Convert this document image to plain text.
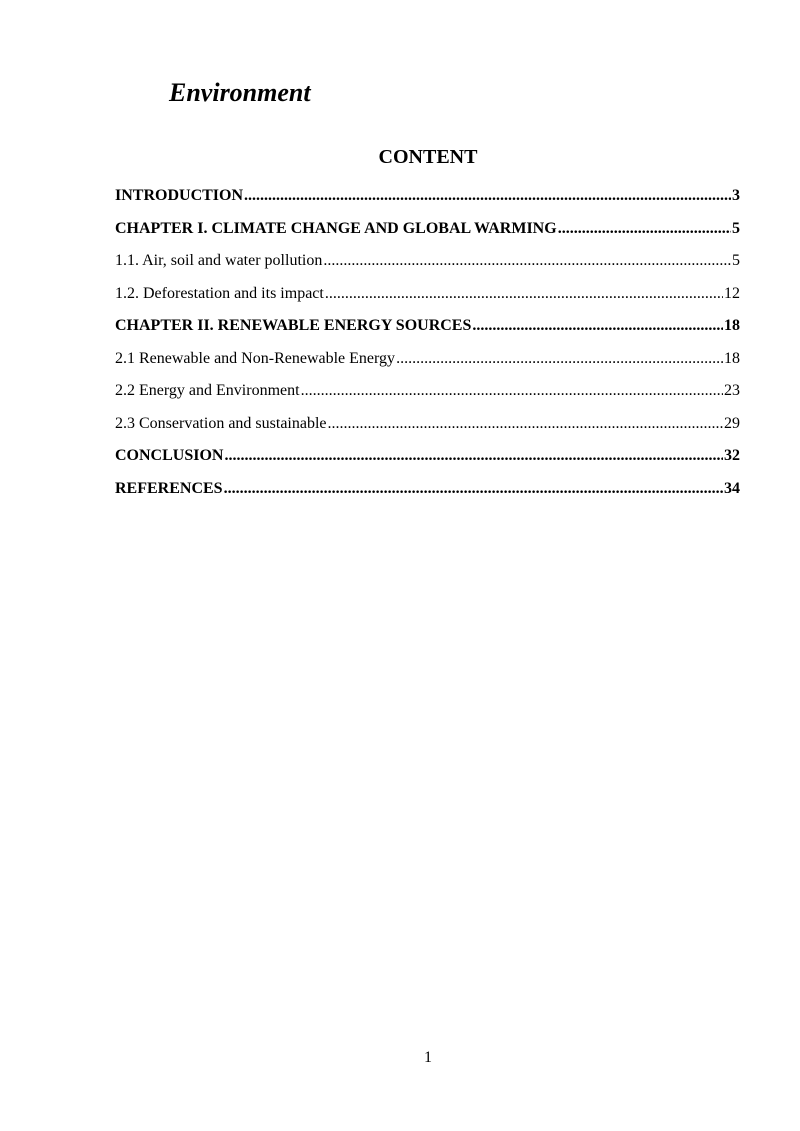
Environment
CONTENT
INTRODUCTION .....	3
CHAPTER I. CLIMATE CHANGE AND GLOBAL WARMING .....	5
1.1. Air, soil and water pollution .....	5
1.2. Deforestation and its impact .....	12
CHAPTER II. RENEWABLE ENERGY SOURCES .....	18
2.1 Renewable and Non-Renewable Energy .....	18
2.2 Energy and Environment .....	23
2.3 Conservation and sustainable .....	29
CONCLUSION .....	32
REFERENCES .....	34
1
